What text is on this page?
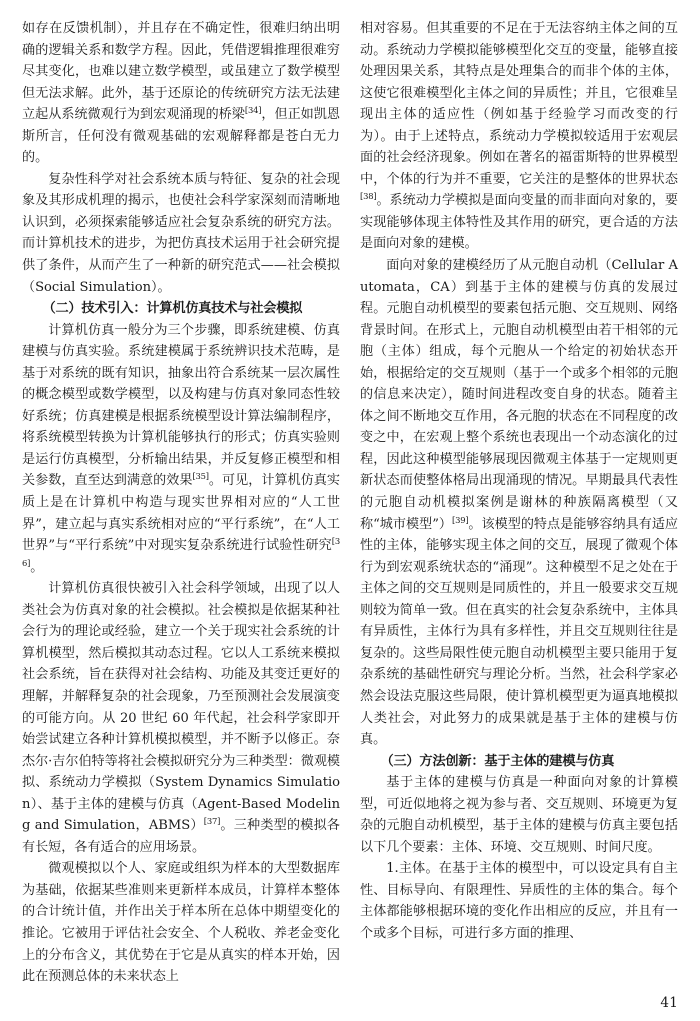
如存在反馈机制），并且存在不确定性，很难归纳出明确的逻辑关系和数学方程。因此，凭借逻辑推理很难穷尽其变化，也难以建立数学模型，或虽建立了数学模型但无法求解。此外，基于还原论的传统研究方法无法建立起从系统微观行为到宏观涌现的桥梁[34]，但正如凯恩斯所言，任何没有微观基础的宏观解释都是苍白无力的。

复杂性科学对社会系统本质与特征、复杂的社会现象及其形成机理的揭示，也使社会科学家深刻而清晰地认识到，必须探索能够适应社会复杂系统的研究方法。而计算机技术的进步，为把仿真技术运用于社会研究提供了条件，从而产生了一种新的研究范式——社会模拟（Social Simulation）。

（二）技术引入：计算机仿真技术与社会模拟

计算机仿真一般分为三个步骤，即系统建模、仿真建模与仿真实验。系统建模属于系统辨识技术范畴，是基于对系统的既有知识，抽象出符合系统某一层次属性的概念模型或数学模型，以及构建与仿真对象同态性较好系统；仿真建模是根据系统模型设计算法编制程序，将系统模型转换为计算机能够执行的形式；仿真实验则是运行仿真模型，分析输出结果，并反复修正模型和相关参数，直至达到满意的效果[35]。可见，计算机仿真实质上是在计算机中构造与现实世界相对应的“人工世界”，建立起与真实系统相对应的“平行系统”，在“人工世界”与“平行系统”中对现实复杂系统进行试验性研究[36]。

计算机仿真很快被引入社会科学领域，出现了以人类社会为仿真对象的社会模拟。社会模拟是依据某种社会行为的理论或经验，建立一个关于现实社会系统的计算机模型，然后模拟其动态过程。它以人工系统来模拟社会系统，旨在获得对社会结构、功能及其变迁更好的理解，并解释复杂的社会现象，乃至预测社会发展演变的可能方向。从 20 世纪 60 年代起，社会科学家即开始尝试建立各种计算机模拟模型，并不断予以修正。奈杰尔·吉尔伯特等将社会模拟研究分为三种类型：微观模拟、系统动力学模拟（System Dynamics Simulation）、基于主体的建模与仿真（Agent-Based Modeling and Simulation，ABMS）[37]。三种类型的模拟各有长短，各有适合的应用场景。

微观模拟以个人、家庭或组织为样本的大型数据库为基础，依据某些准则来更新样本成员，计算样本整体的合计统计值，并作出关于样本所在总体中期望变化的推论。它被用于评估社会安全、个人税收、养老金变化上的分布含义，其优势在于它是从真实的样本开始，因此在预测总体的未来状态上

相对容易。但其重要的不足在于无法容纳主体之间的互动。系统动力学模拟能够模型化交互的变量，能够直接处理因果关系，其特点是处理集合的而非个体的主体，这使它很难模型化主体之间的异质性；并且，它很难呈现出主体的适应性（例如基于经验学习而改变的行为）。由于上述特点，系统动力学模拟较适用于宏观层面的社会经济现象。例如在著名的福雷斯特的世界模型中，个体的行为并不重要，它关注的是整体的世界状态[38]。系统动力学模拟是面向变量的而非面向对象的，要实现能够体现主体特性及其作用的研究，更合适的方法是面向对象的建模。

面向对象的建模经历了从元胞自动机（Cellular Automata，CA）到基于主体的建模与仿真的发展过程。元胞自动机模型的要素包括元胞、交互规则、网络背景时间。在形式上，元胞自动机模型由若干相邻的元胞（主体）组成，每个元胞从一个给定的初始状态开始，根据给定的交互规则（基于一个或多个相邻的元胞的信息来决定），随时间进程改变自身的状态。随着主体之间不断地交互作用，各元胞的状态在不同程度的改变之中，在宏观上整个系统也表现出一个动态演化的过程，因此这种模型能够展现因微观主体基于一定规则更新状态而使整体格局出现涌现的情况。早期最具代表性的元胞自动机模拟案例是谢林的种族隔离模型（又称“城市模型”）[39]。该模型的特点是能够容纳具有适应性的主体，能够实现主体之间的交互，展现了微观个体行为到宏观系统状态的“涌现”。这种模型不足之处在于主体之间的交互规则是同质性的，并且一般要求交互规则较为简单一致。但在真实的社会复杂系统中，主体具有异质性，主体行为具有多样性，并且交互规则往往是复杂的。这些局限性使元胞自动机模型主要只能用于复杂系统的基础性研究与理论分析。当然，社会科学家必然会设法克服这些局限，使计算机模型更为逼真地模拟人类社会，对此努力的成果就是基于主体的建模与仿真。

（三）方法创新：基于主体的建模与仿真

基于主体的建模与仿真是一种面向对象的计算模型，可近似地将之视为参与者、交互规则、环境更为复杂的元胞自动机模型，基于主体的建模与仿真主要包括以下几个要素：主体、环境、交互规则、时间尺度。

1.主体。在基于主体的模型中，可以设定具有自主性、目标导向、有限理性、异质性的主体的集合。每个主体都能够根据环境的变化作出相应的反应，并且有一个或多个目标，可进行多方面的推理、

41
